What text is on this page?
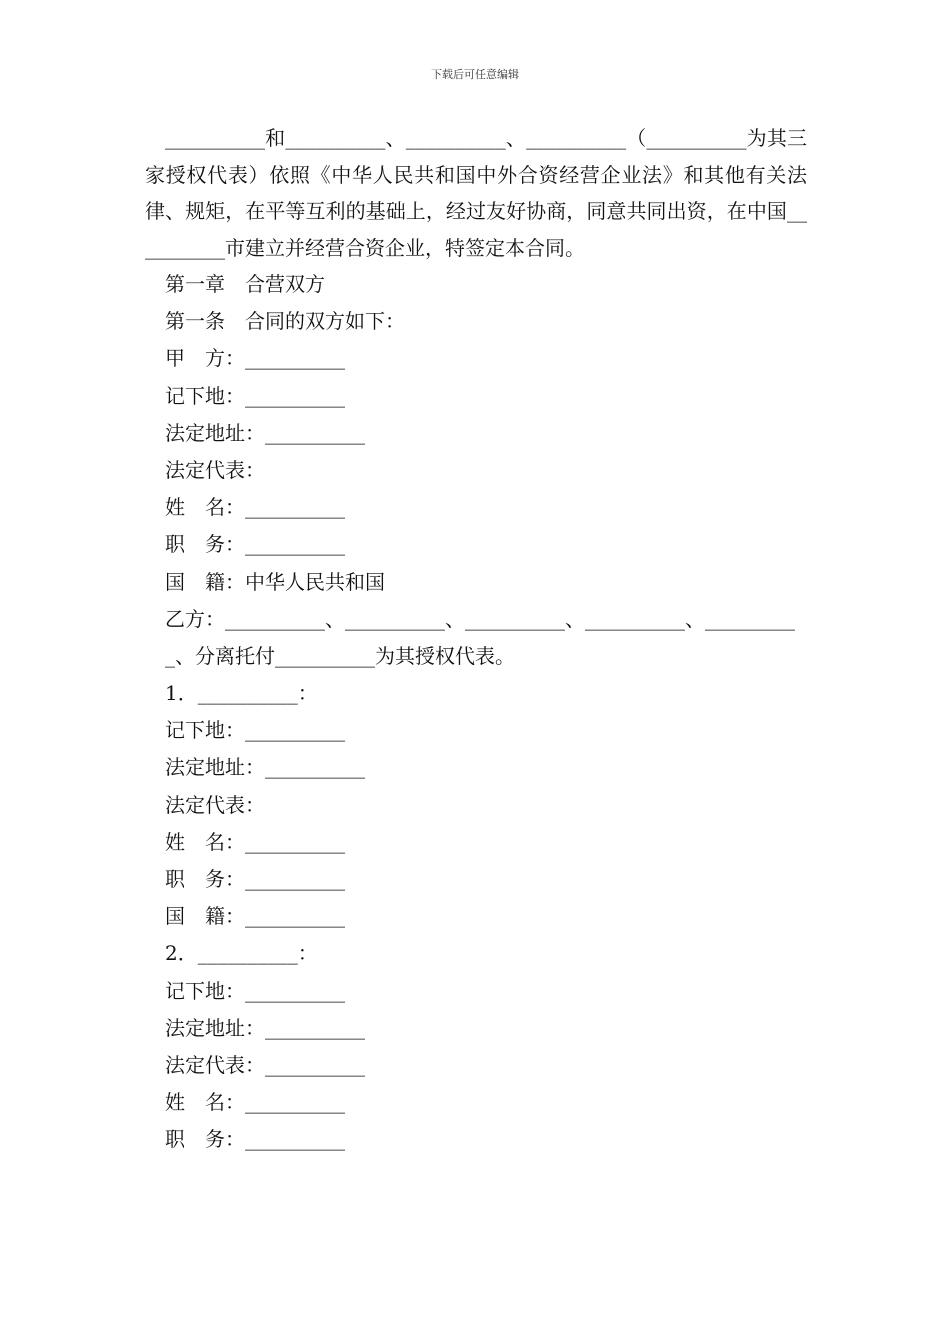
下载后可任意编辑

__________和__________、__________、__________（__________为其三家授权代表）依照《中华人民共和国中外合资经营企业法》和其他有关法律、规矩，在平等互利的基础上，经过友好协商，同意共同出资，在中国__________市建立并经营合资企业，特签定本合同。

第一章　合营双方

第一条　合同的双方如下：

甲　方：__________

记下地：__________

法定地址：__________

法定代表：

姓　名：__________

职　务：__________

国　籍：中华人民共和国

乙方：__________、__________、__________、__________、__________、分离托付__________为其授权代表。

1．__________：

记下地：__________

法定地址：__________

法定代表：

姓　名：__________

职　务：__________

国　籍：__________

2．__________：

记下地：__________

法定地址：__________

法定代表：__________

姓　名：__________

职　务：__________
